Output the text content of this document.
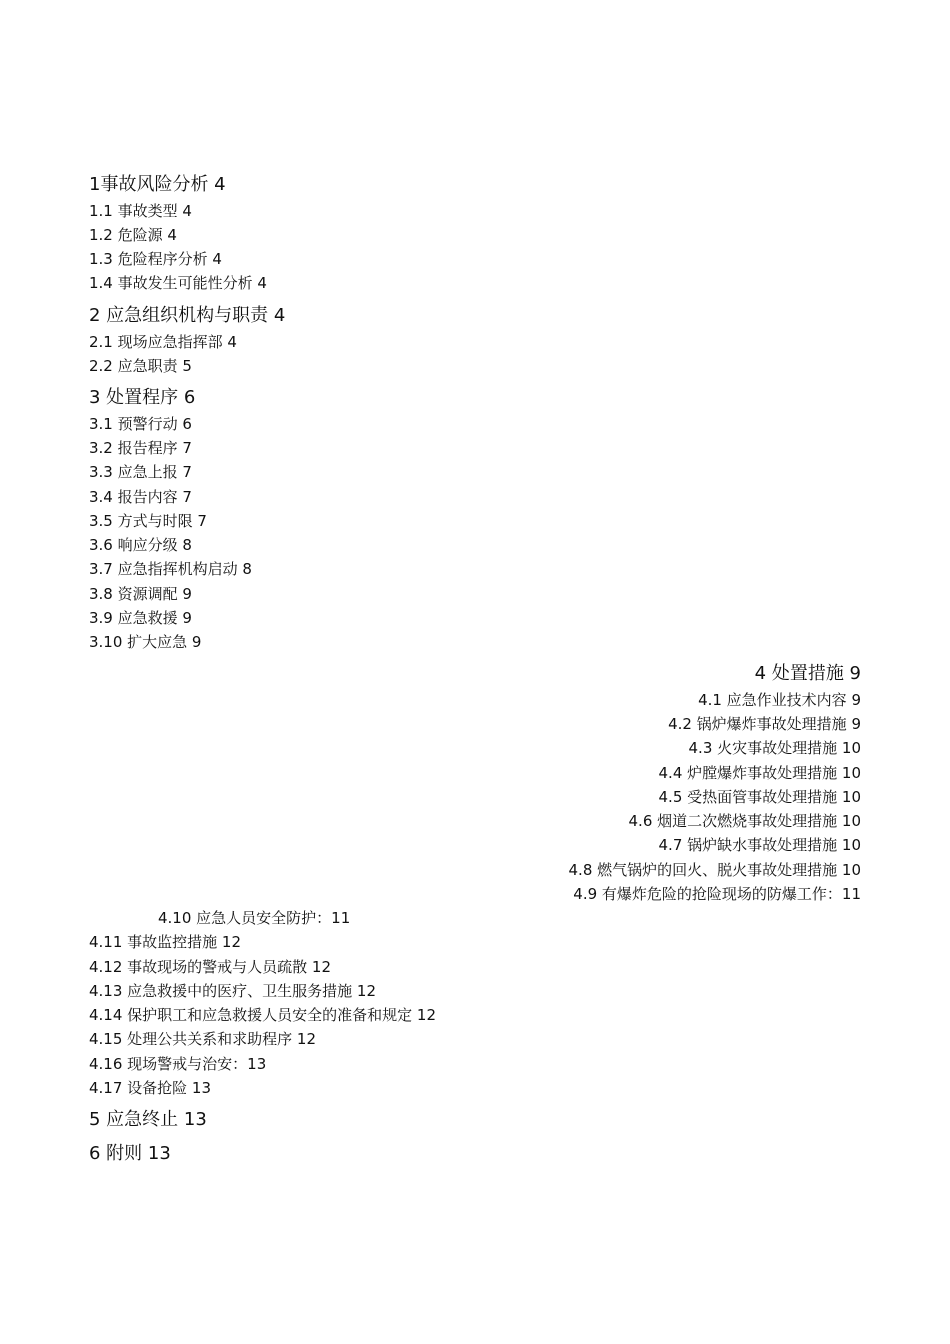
1事故风险分析 4
1.1 事故类型 4
1.2 危险源 4
1.3 危险程序分析 4
1.4 事故发生可能性分析 4
2 应急组织机构与职责 4
2.1 现场应急指挥部 4
2.2 应急职责 5
3 处置程序 6
3.1 预警行动 6
3.2 报告程序 7
3.3 应急上报 7
3.4 报告内容 7
3.5 方式与时限 7
3.6 响应分级 8
3.7 应急指挥机构启动 8
3.8 资源调配 9
3.9 应急救援 9
3.10 扩大应急 9
4 处置措施 9
4.1 应急作业技术内容 9
4.2 锅炉爆炸事故处理措施 9
4.3 火灾事故处理措施 10
4.4 炉膛爆炸事故处理措施 10
4.5 受热面管事故处理措施 10
4.6 烟道二次燃烧事故处理措施 10
4.7 锅炉缺水事故处理措施 10
4.8 燃气锅炉的回火、脱火事故处理措施 10
4.9 有爆炸危险的抢险现场的防爆工作：11
4.10 应急人员安全防护：11
4.11 事故监控措施 12
4.12 事故现场的警戒与人员疏散 12
4.13 应急救援中的医疗、卫生服务措施 12
4.14 保护职工和应急救援人员安全的准备和规定 12
4.15 处理公共关系和求助程序 12
4.16 现场警戒与治安：13
4.17 设备抢险 13
5 应急终止 13
6 附则 13
